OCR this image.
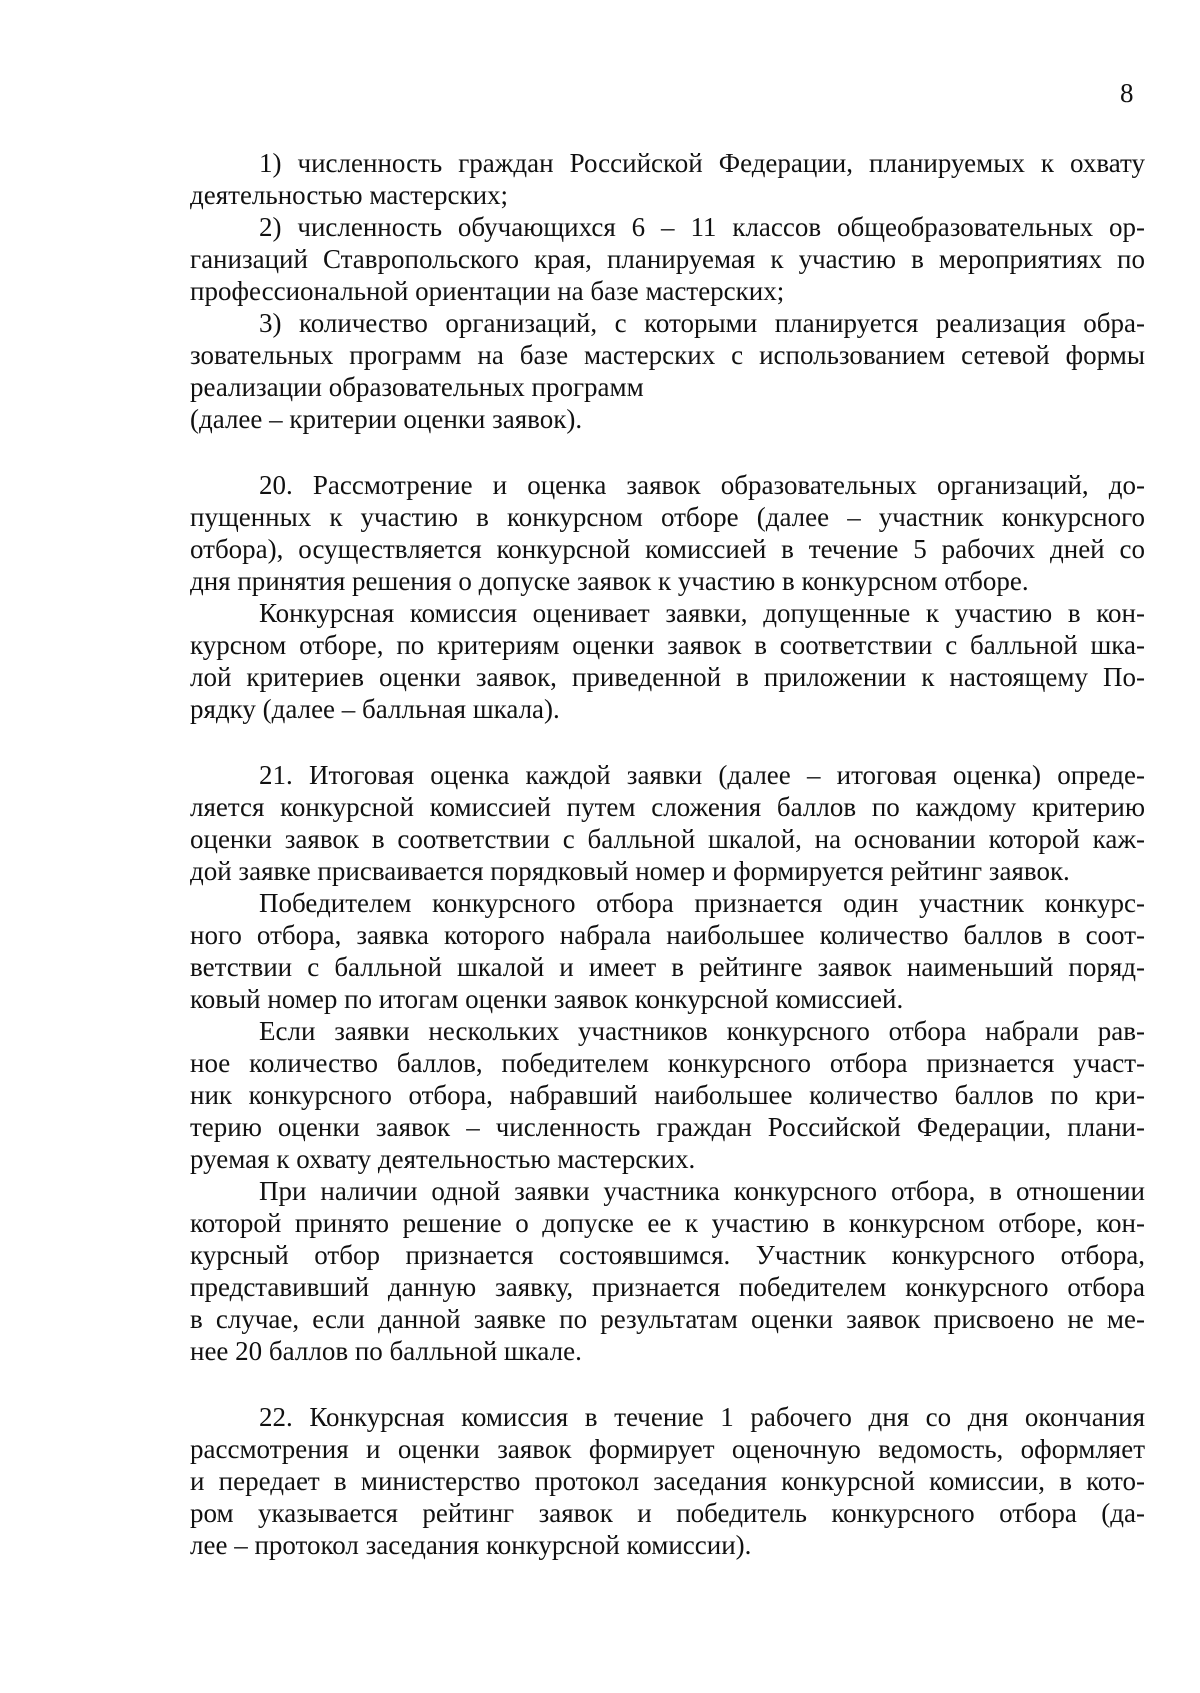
8
1) численность граждан Российской Федерации, планируемых к охвату
деятельностью мастерских;
2) численность обучающихся 6 – 11 классов общеобразовательных ор-
ганизаций Ставропольского края, планируемая к участию в мероприятиях по
профессиональной ориентации на базе мастерских;
3) количество организаций, с которыми планируется реализация обра-
зовательных программ на базе мастерских с использованием сетевой формы
реализации образовательных программ
(далее – критерии оценки заявок).
20. Рассмотрение и оценка заявок образовательных организаций, до-
пущенных к участию в конкурсном отборе (далее – участник конкурсного
отбора), осуществляется конкурсной комиссией в течение 5 рабочих дней со
дня принятия решения о допуске заявок к участию в конкурсном отборе.
Конкурсная комиссия оценивает заявки, допущенные к участию в кон-
курсном отборе, по критериям оценки заявок в соответствии с балльной шка-
лой критериев оценки заявок, приведенной в приложении к настоящему По-
рядку (далее – балльная шкала).
21. Итоговая оценка каждой заявки (далее – итоговая оценка) опреде-
ляется конкурсной комиссией путем сложения баллов по каждому критерию
оценки заявок в соответствии с балльной шкалой, на основании которой каж-
дой заявке присваивается порядковый номер и формируется рейтинг заявок.
Победителем конкурсного отбора признается один участник конкурс-
ного отбора, заявка которого набрала наибольшее количество баллов в соот-
ветствии с балльной шкалой и имеет в рейтинге заявок наименьший поряд-
ковый номер по итогам оценки заявок конкурсной комиссией.
Если заявки нескольких участников конкурсного отбора набрали рав-
ное количество баллов, победителем конкурсного отбора признается участ-
ник конкурсного отбора, набравший наибольшее количество баллов по кри-
терию оценки заявок – численность граждан Российской Федерации, плани-
руемая к охвату деятельностью мастерских.
При наличии одной заявки участника конкурсного отбора, в отношении
которой принято решение о допуске ее к участию в конкурсном отборе, кон-
курсный отбор признается состоявшимся. Участник конкурсного отбора,
представивший данную заявку, признается победителем конкурсного отбора
в случае, если данной заявке по результатам оценки заявок присвоено не ме-
нее 20 баллов по балльной шкале.
22. Конкурсная комиссия в течение 1 рабочего дня со дня окончания
рассмотрения и оценки заявок формирует оценочную ведомость, оформляет
и передает в министерство протокол заседания конкурсной комиссии, в кото-
ром указывается рейтинг заявок и победитель конкурсного отбора (да-
лее – протокол заседания конкурсной комиссии).
